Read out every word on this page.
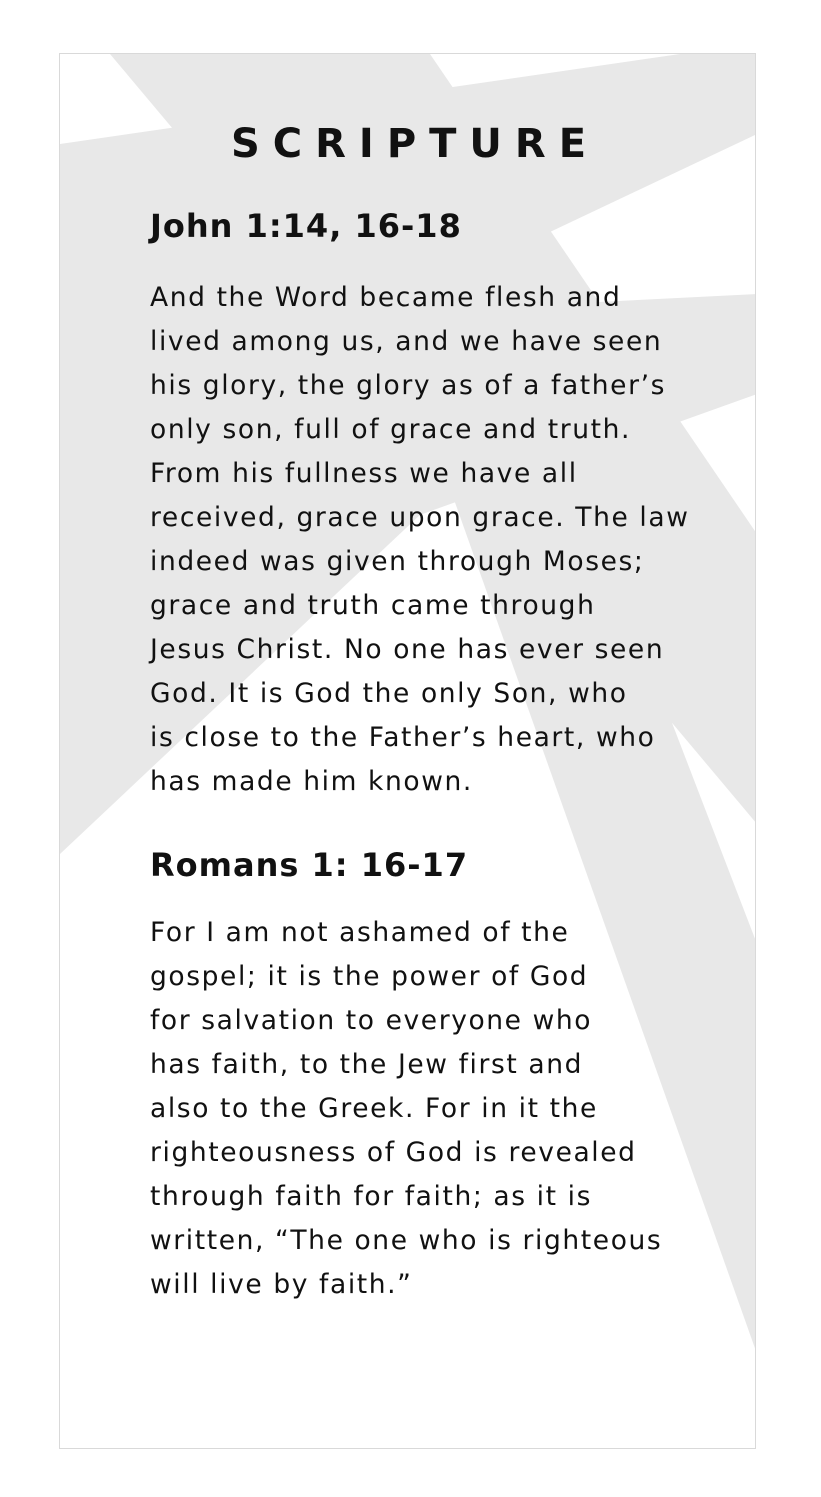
SCRIPTURE
John 1:14, 16-18

And the Word became flesh and
lived among us, and we have seen
his glory, the glory as of a father’s
only son, full of grace and truth.
From his fullness we have all
received, grace upon grace. The law
indeed was given through Moses;
grace and truth came through
Jesus Christ. No one has ever seen
God. It is God the only Son, who
is close to the Father’s heart, who
has made him known.

Romans 1: 16-17

For I am not ashamed of the
gospel; it is the power of God
for salvation to everyone who
has faith, to the Jew first and
also to the Greek. For in it the
righteousness of God is revealed
through faith for faith; as it is
written, “The one who is righteous
will live by faith.”
